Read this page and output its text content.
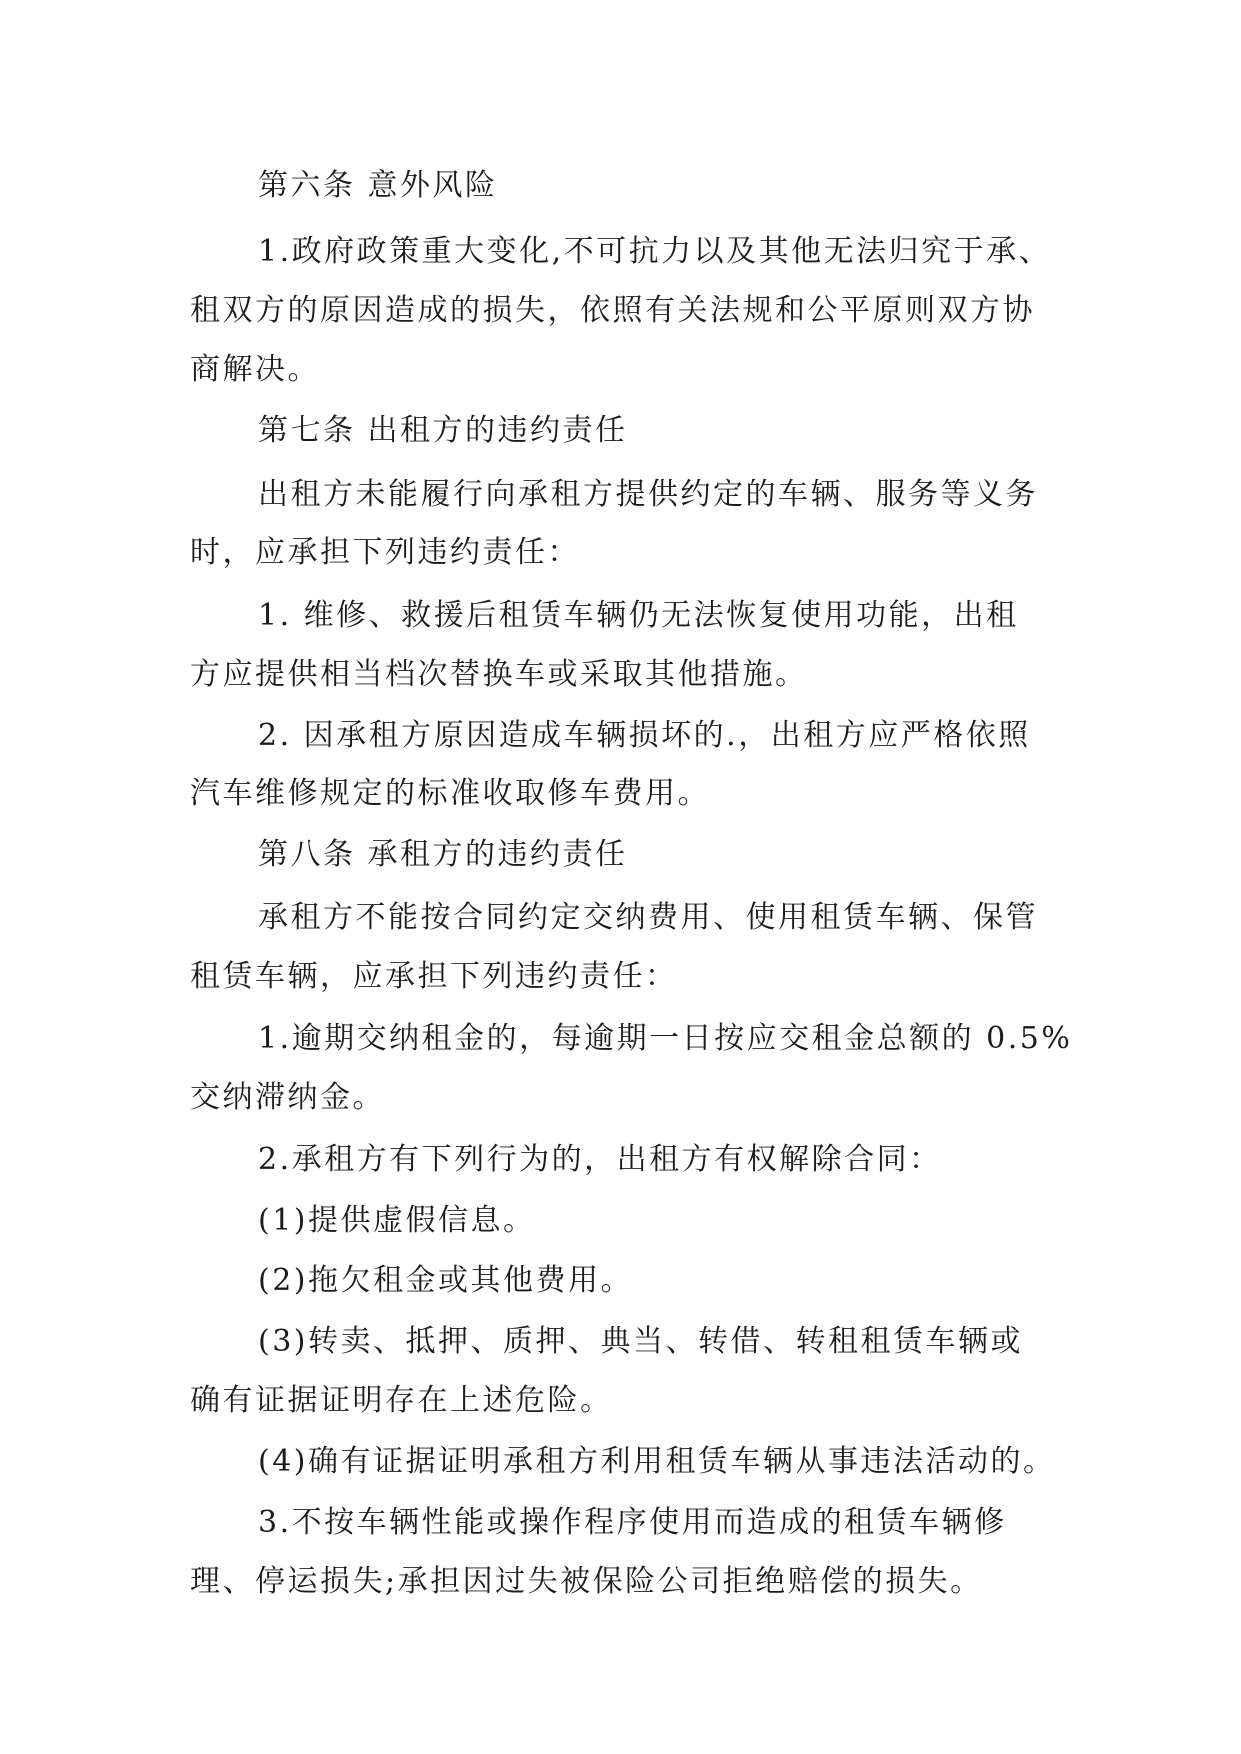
第六条 意外风险

1.政府政策重大变化,不可抗力以及其他无法归究于承、

租双方的原因造成的损失，依照有关法规和公平原则双方协

商解决。

第七条 出租方的违约责任

出租方未能履行向承租方提供约定的车辆、服务等义务

时，应承担下列违约责任：

1. 维修、救援后租赁车辆仍无法恢复使用功能，出租

方应提供相当档次替换车或采取其他措施。

2. 因承租方原因造成车辆损坏的.，出租方应严格依照

汽车维修规定的标准收取修车费用。

第八条 承租方的违约责任

承租方不能按合同约定交纳费用、使用租赁车辆、保管

租赁车辆，应承担下列违约责任：

1.逾期交纳租金的，每逾期一日按应交租金总额的 0.5%

交纳滞纳金。

2.承租方有下列行为的，出租方有权解除合同：

(1)提供虚假信息。

(2)拖欠租金或其他费用。

(3)转卖、抵押、质押、典当、转借、转租租赁车辆或

确有证据证明存在上述危险。

(4)确有证据证明承租方利用租赁车辆从事违法活动的。

3.不按车辆性能或操作程序使用而造成的租赁车辆修

理、停运损失;承担因过失被保险公司拒绝赔偿的损失。
